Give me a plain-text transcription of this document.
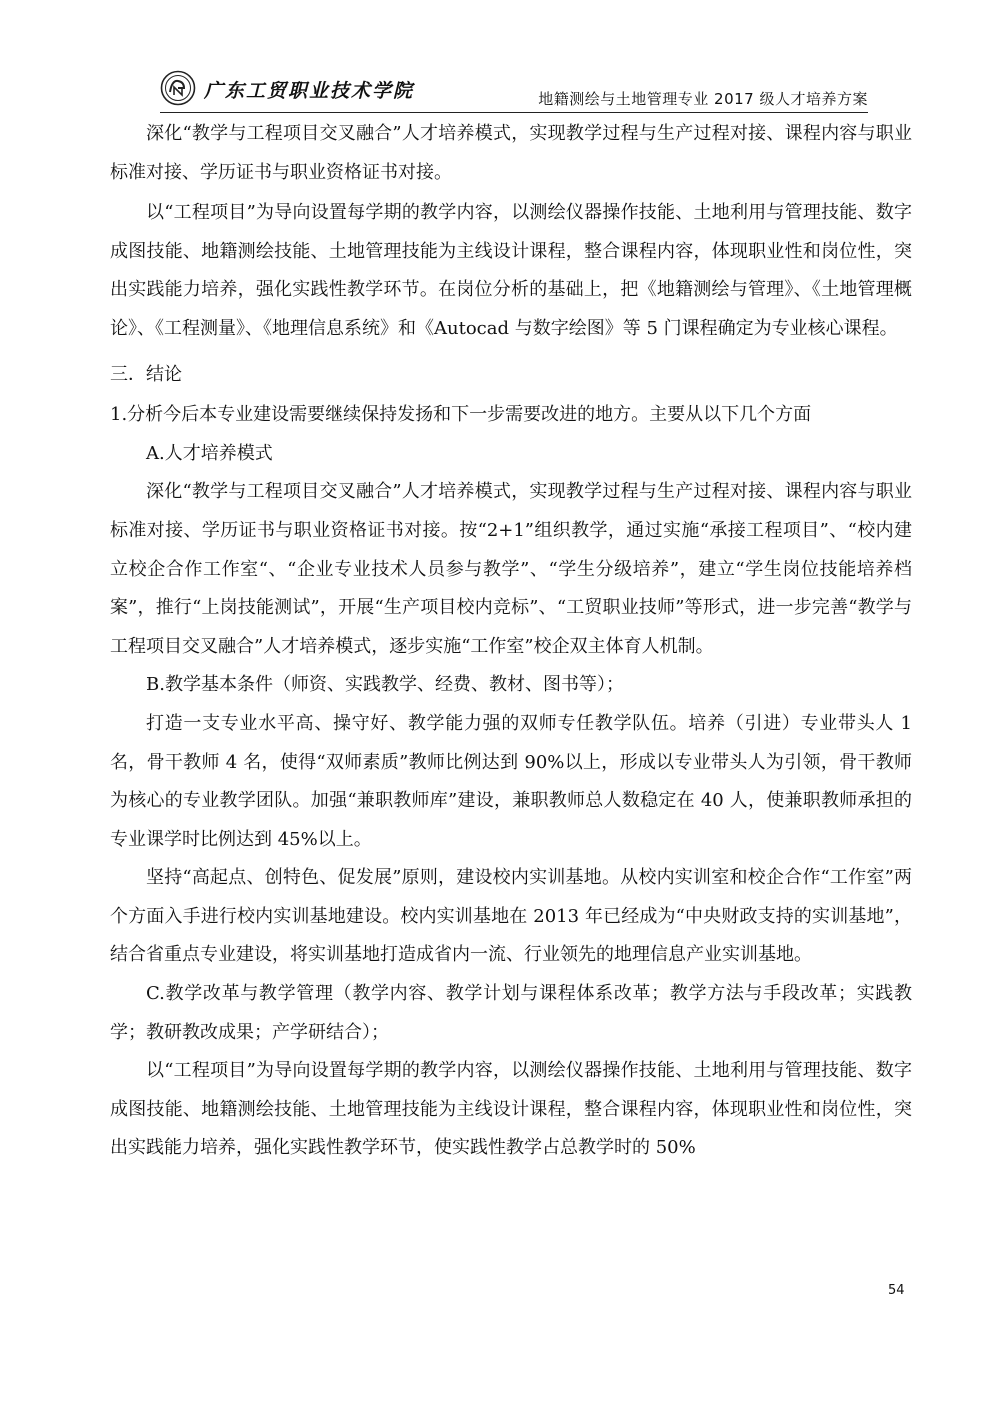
广东工贸职业技术学院	地籍测绘与土地管理专业 2017 级人才培养方案

深化“教学与工程项目交叉融合”人才培养模式，实现教学过程与生产过程对接、课程内容与职业标准对接、学历证书与职业资格证书对接。

以“工程项目”为导向设置每学期的教学内容，以测绘仪器操作技能、土地利用与管理技能、数字成图技能、地籍测绘技能、土地管理技能为主线设计课程，整合课程内容，体现职业性和岗位性，突出实践能力培养，强化实践性教学环节。在岗位分析的基础上，把《地籍测绘与管理》、《土地管理概论》、《工程测量》、《地理信息系统》和《Autocad 与数字绘图》等 5 门课程确定为专业核心课程。

三．结论

1.分析今后本专业建设需要继续保持发扬和下一步需要改进的地方。主要从以下几个方面

A.人才培养模式

深化“教学与工程项目交叉融合”人才培养模式，实现教学过程与生产过程对接、课程内容与职业标准对接、学历证书与职业资格证书对接。按“2+1”组织教学，通过实施“承接工程项目”、“校内建立校企合作工作室“、“企业专业技术人员参与教学”、“学生分级培养”，建立“学生岗位技能培养档案”，推行“上岗技能测试”，开展“生产项目校内竞标”、“工贸职业技师”等形式，进一步完善“教学与工程项目交叉融合”人才培养模式，逐步实施“工作室”校企双主体育人机制。

B.教学基本条件（师资、实践教学、经费、教材、图书等）；

打造一支专业水平高、操守好、教学能力强的双师专任教学队伍。培养（引进）专业带头人 1 名，骨干教师 4 名，使得“双师素质”教师比例达到 90%以上，形成以专业带头人为引领，骨干教师为核心的专业教学团队。加强“兼职教师库”建设，兼职教师总人数稳定在 40 人，使兼职教师承担的专业课学时比例达到 45%以上。

坚持“高起点、创特色、促发展”原则，建设校内实训基地。从校内实训室和校企合作“工作室”两个方面入手进行校内实训基地建设。校内实训基地在 2013 年已经成为“中央财政支持的实训基地”，结合省重点专业建设，将实训基地打造成省内一流、行业领先的地理信息产业实训基地。

C.教学改革与教学管理（教学内容、教学计划与课程体系改革；教学方法与手段改革；实践教学；教研教改成果；产学研结合）；

以“工程项目”为导向设置每学期的教学内容，以测绘仪器操作技能、土地利用与管理技能、数字成图技能、地籍测绘技能、土地管理技能为主线设计课程，整合课程内容，体现职业性和岗位性，突出实践能力培养，强化实践性教学环节，使实践性教学占总教学时的 50%

54
